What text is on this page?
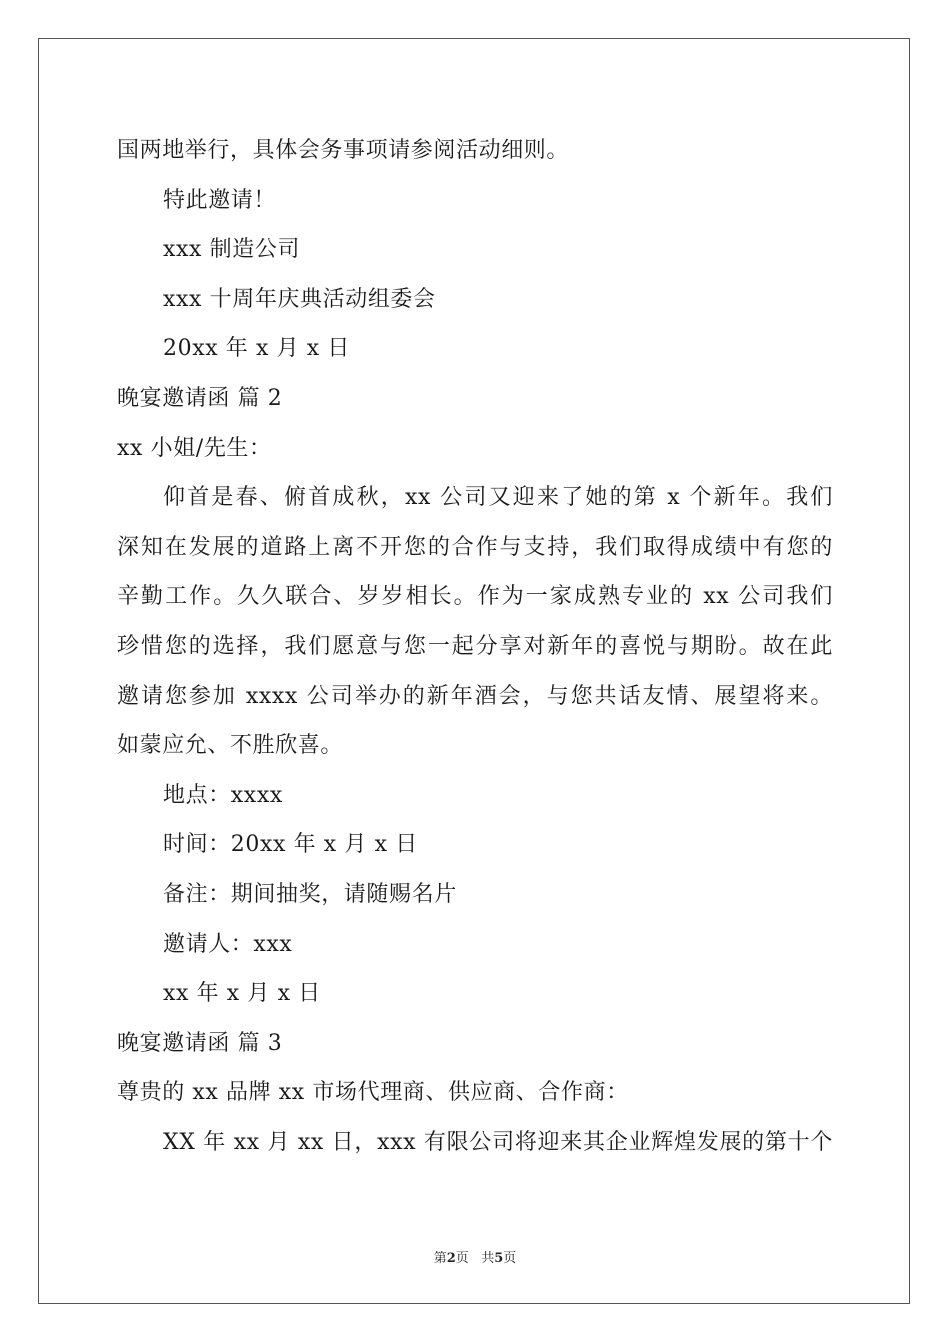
国两地举行，具体会务事项请参阅活动细则。
特此邀请！
xxx 制造公司
xxx 十周年庆典活动组委会
20xx 年 x 月 x 日
晚宴邀请函 篇 2
xx 小姐/先生：
仰首是春、俯首成秋，xx 公司又迎来了她的第 x 个新年。我们
深知在发展的道路上离不开您的合作与支持，我们取得成绩中有您的
辛勤工作。久久联合、岁岁相长。作为一家成熟专业的 xx 公司我们
珍惜您的选择，我们愿意与您一起分享对新年的喜悦与期盼。故在此
邀请您参加 xxxx 公司举办的新年酒会，与您共话友情、展望将来。
如蒙应允、不胜欣喜。
地点：xxxx
时间：20xx 年 x 月 x 日
备注：期间抽奖，请随赐名片
邀请人：xxx
xx 年 x 月 x 日
晚宴邀请函 篇 3
尊贵的 xx 品牌 xx 市场代理商、供应商、合作商：
XX 年 xx 月 xx 日，xxx 有限公司将迎来其企业辉煌发展的第十个
第2页 共5页
